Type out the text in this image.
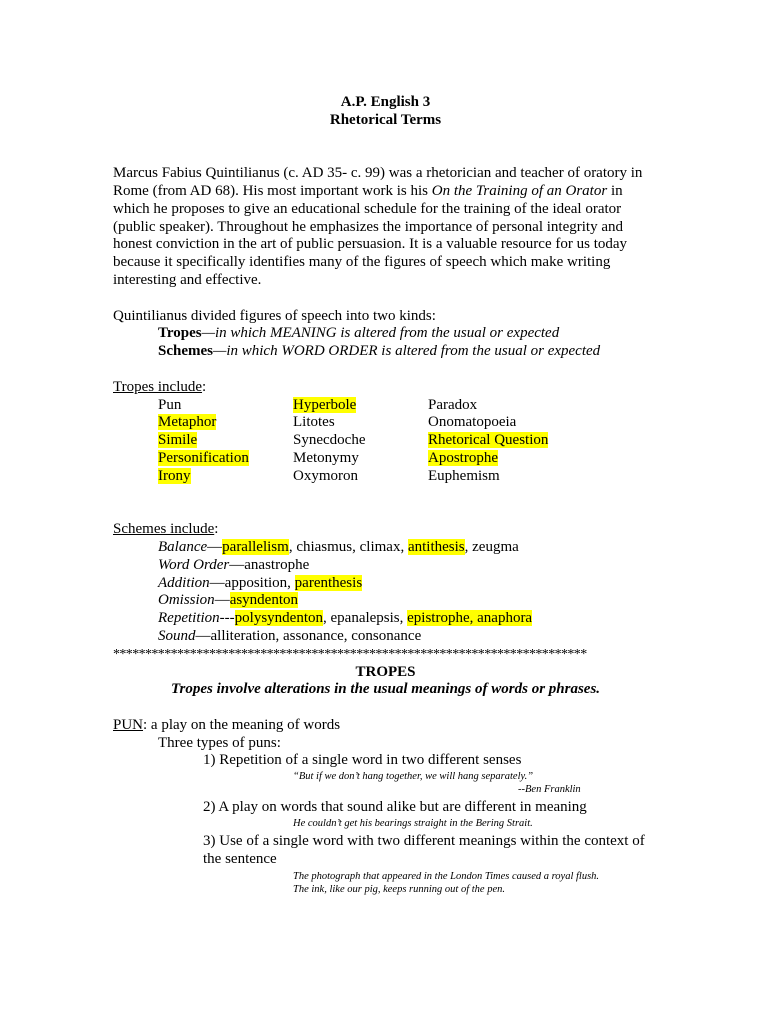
A.P. English 3
Rhetorical Terms
Marcus Fabius Quintilianus (c. AD 35- c. 99) was a rhetorician and teacher of oratory in Rome (from AD 68). His most important work is his On the Training of an Orator in which he proposes to give an educational schedule for the training of the ideal orator (public speaker). Throughout he emphasizes the importance of personal integrity and honest conviction in the art of public persuasion. It is a valuable resource for us today because it specifically identifies many of the figures of speech which make writing interesting and effective.
Quintilianus divided figures of speech into two kinds:
Tropes—in which MEANING is altered from the usual or expected
Schemes—in which WORD ORDER is altered from the usual or expected
Tropes include:
Pun	Hyperbole	Paradox
Metaphor	Litotes	Onomatopoeia
Simile	Synecdoche	Rhetorical Question
Personification	Metonymy	Apostrophe
Irony	Oxymoron	Euphemism
Schemes include:
Balance—parallelism, chiasmus, climax, antithesis, zeugma
Word Order—anastrophe
Addition—apposition, parenthesis
Omission—asyndenton
Repetition---polysyndenton, epanalepsis, epistrophe, anaphora
Sound—alliteration, assonance, consonance
**************************************************************************
TROPES
Tropes involve alterations in the usual meanings of words or phrases.
PUN: a play on the meaning of words
Three types of puns:
1) Repetition of a single word in two different senses
“But if we don’t hang together, we will hang separately.”
--Ben Franklin
2) A play on words that sound alike but are different in meaning
He couldn’t get his bearings straight in the Bering Strait.
3) Use of a single word with two different meanings within the context of the sentence
The photograph that appeared in the London Times caused a royal flush.
The ink, like our pig, keeps running out of the pen.
